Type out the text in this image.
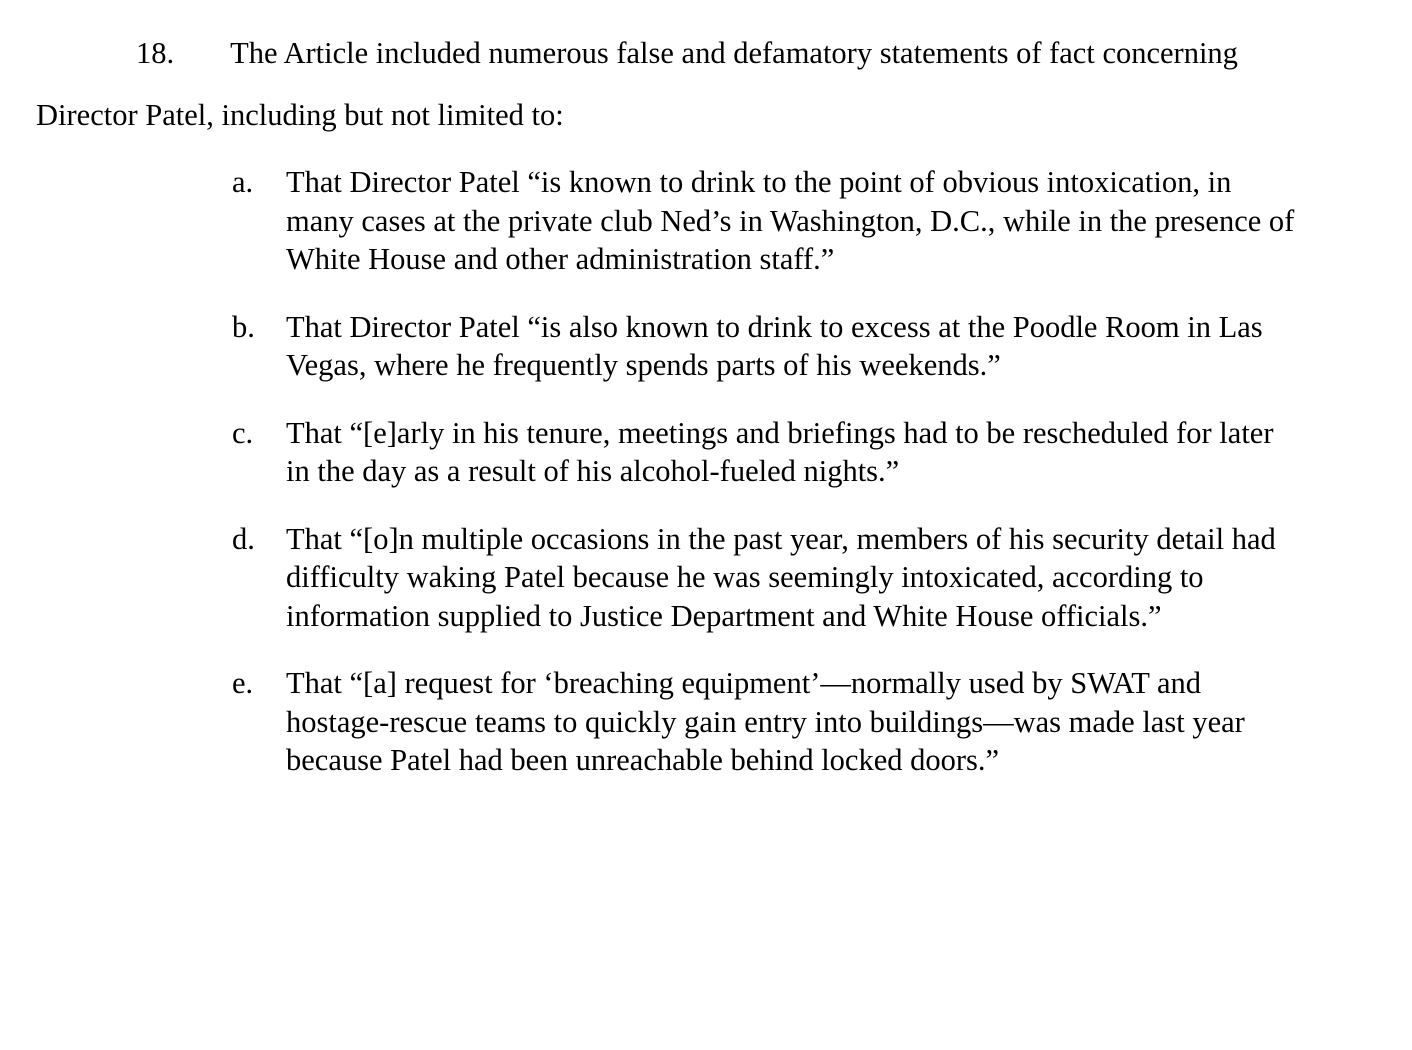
18. The Article included numerous false and defamatory statements of fact concerning Director Patel, including but not limited to:
a.	That Director Patel “is known to drink to the point of obvious intoxication, in many cases at the private club Ned’s in Washington, D.C., while in the presence of White House and other administration staff.”
b.	That Director Patel “is also known to drink to excess at the Poodle Room in Las Vegas, where he frequently spends parts of his weekends.”
c.	That “[e]arly in his tenure, meetings and briefings had to be rescheduled for later in the day as a result of his alcohol-fueled nights.”
d.	That “[o]n multiple occasions in the past year, members of his security detail had difficulty waking Patel because he was seemingly intoxicated, according to information supplied to Justice Department and White House officials.”
e.	That “[a] request for ‘breaching equipment’—normally used by SWAT and hostage-rescue teams to quickly gain entry into buildings—was made last year because Patel had been unreachable behind locked doors.”
